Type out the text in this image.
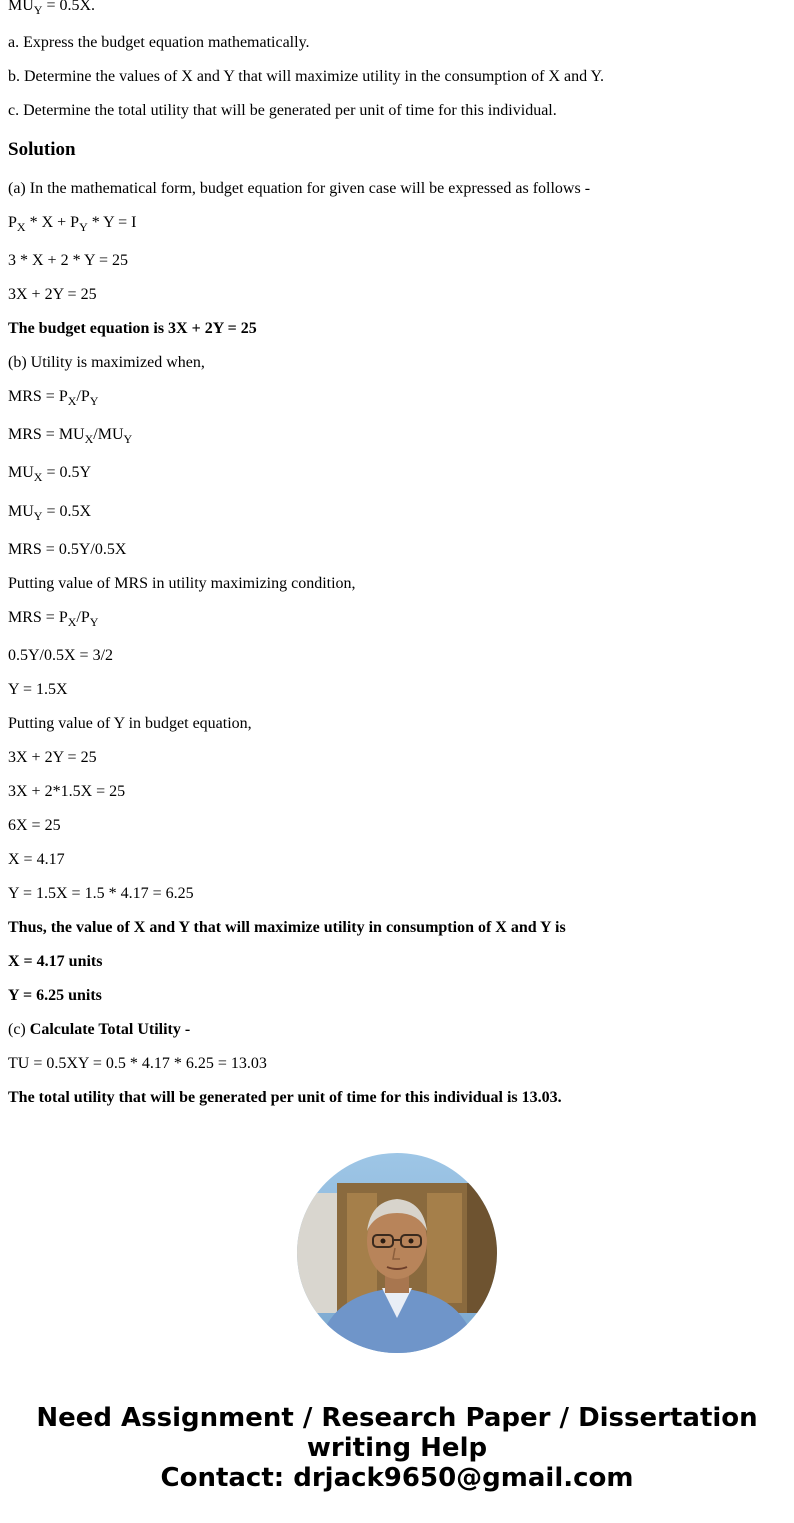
$MU_Y = 0.5X$.
a. Express the budget equation mathematically.
b. Determine the values of X and Y that will maximize utility in the consumption of X and Y.
c. Determine the total utility that will be generated per unit of time for this individual.
Solution
(a) In the mathematical form, budget equation for given case will be expressed as follows -
$P_X * X + P_Y * Y = I$
3 * X + 2 * Y = 25
3X + 2Y = 25
The budget equation is 3X + 2Y = 25
(b) Utility is maximized when,
MRS = $P_X/P_Y$
MRS = $MU_X/MU_Y$
$MU_X = 0.5Y$
$MU_Y = 0.5X$
MRS = 0.5Y/0.5X
Putting value of MRS in utility maximizing condition,
MRS = $P_X/P_Y$
0.5Y/0.5X = 3/2
Y = 1.5X
Putting value of Y in budget equation,
3X + 2Y = 25
3X + 2*1.5X = 25
6X = 25
X = 4.17
Y = 1.5X = 1.5 * 4.17 = 6.25
Thus, the value of X and Y that will maximize utility in consumption of X and Y is
X = 4.17 units
Y = 6.25 units
(c) Calculate Total Utility -
TU = 0.5XY = 0.5 * 4.17 * 6.25 = 13.03
The total utility that will be generated per unit of time for this individual is 13.03.
Need Assignment / Research Paper / Dissertation
writing Help
Contact: drjack9650@gmail.com
